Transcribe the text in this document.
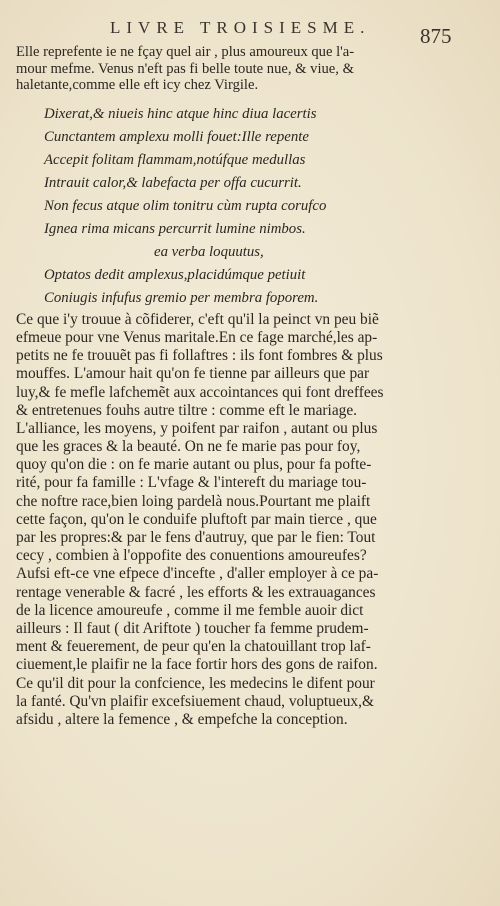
LIVRE TROISIESME. 875
Elle reprefente ie ne fçay quel air , plus amoureux que l'a-
mour mefme. Venus n'eft pas fi belle toute nue, & viue, &
haletante,comme elle eft icy chez Virgile.
Dixerat,& niueis hinc atque hinc diua lacertis
Cunctantem amplexu molli fouet:Ille repente
Accepit folitam flammam,notúfque medullas
Intrauit calor,& labefacta per offa cucurrit.
Non fecus atque olim tonitru cùm rupta corufco
Ignea rima micans percurrit lumine nimbos.
ea verba loquutus,
Optatos dedit amplexus,placidúmque petiuit
Coniugis infufus gremio per membra foporem.
Ce que i'y trouue à cõfiderer, c'eft qu'il la peinct vn peu biẽ
efmeue pour vne Venus maritale.En ce fage marché,les ap-
petits ne fe trouuẽt pas fi follaftres : ils font fombres & plus
mouffes. L'amour hait qu'on fe tienne par ailleurs que par
luy,& fe mefle lafchemẽt aux accointances qui font dreffees
& entretenues fouhs autre tiltre : comme eft le mariage.
L'alliance, les moyens, y poifent par raifon , autant ou plus
que les graces & la beauté. On ne fe marie pas pour foy,
quoy qu'on die : on fe marie autant ou plus, pour fa pofte-
rité, pour fa famille : L'vfage & l'intereft du mariage tou-
che noftre race,bien loing pardelà nous.Pourtant me plaift
cette façon, qu'on le conduife pluftoft par main tierce , que
par les propres:& par le fens d'autruy, que par le fien: Tout
cecy , combien à l'oppofite des conuentions amoureufes?
Aufsi eft-ce vne efpece d'incefte , d'aller employer à ce pa-
rentage venerable & facré , les efforts & les extrauagances
de la licence amoureufe , comme il me femble auoir dict
ailleurs : Il faut ( dit Ariftote ) toucher fa femme prudem-
ment & feuerement, de peur qu'en la chatouillant trop laf-
ciuement,le plaifir ne la face fortir hors des gons de raifon.
Ce qu'il dit pour la confcience, les medecins le difent pour
la fanté. Qu'vn plaifir excefsiuement chaud, voluptueux,&
afsidu , altere la femence , & empefche la conception.
